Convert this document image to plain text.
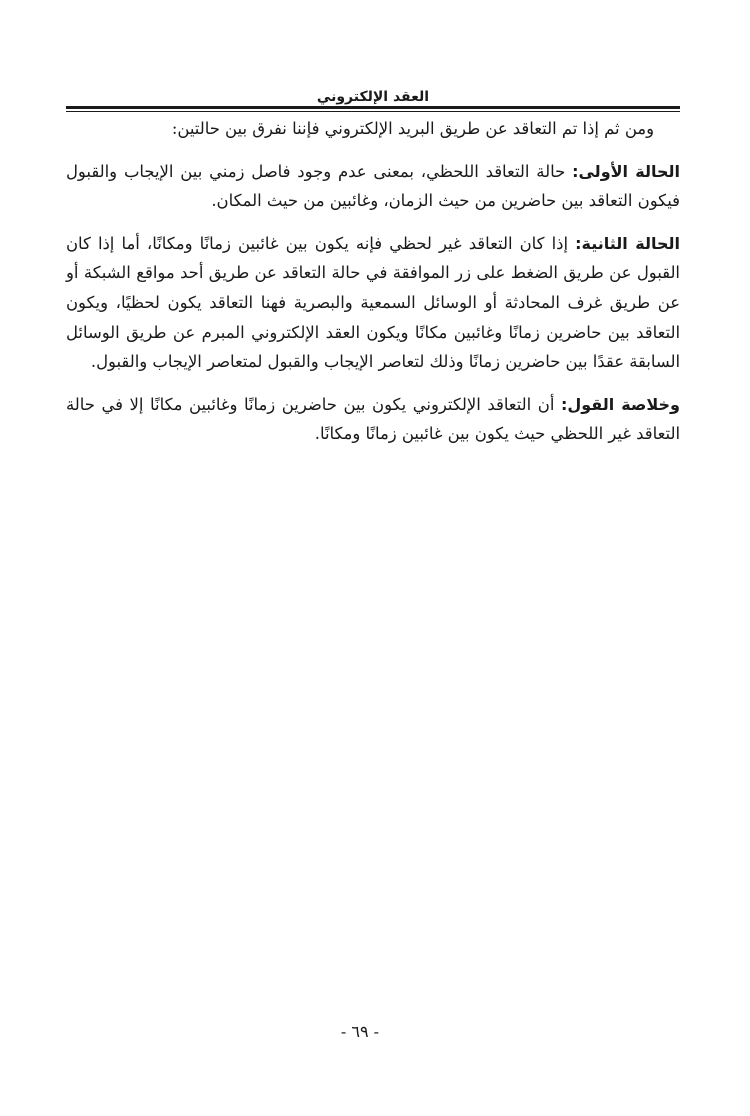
العقد الإلكتروني

ومن ثم إذا تم التعاقد عن طريق البريد الإلكتروني فإننا نفرق بين حالتين:

الحالة الأولى: حالة التعاقد اللحظي، بمعنى عدم وجود فاصل زمني بين الإيجاب والقبول فيكون التعاقد بين حاضرين من حيث الزمان، وغائبين من حيث المكان.

الحالة الثانية: إذا كان التعاقد غير لحظي فإنه يكون بين غائبين زمانًا ومكانًا، أما إذا كان القبول عن طريق الضغط على زر الموافقة في حالة التعاقد عن طريق أحد مواقع الشبكة أو عن طريق غرف المحادثة أو الوسائل السمعية والبصرية فهنا التعاقد يكون لحظيًا، ويكون التعاقد بين حاضرين زمانًا وغائبين مكانًا ويكون العقد الإلكتروني المبرم عن طريق الوسائل السابقة عقدًا بين حاضرين زمانًا وذلك لتعاصر الإيجاب والقبول لمتعاصر الإيجاب والقبول.

وخلاصة القول: أن التعاقد الإلكتروني يكون بين حاضرين زمانًا وغائبين مكانًا إلا في حالة التعاقد غير اللحظي حيث يكون بين غائبين زمانًا ومكانًا.

- ٦٩ -
